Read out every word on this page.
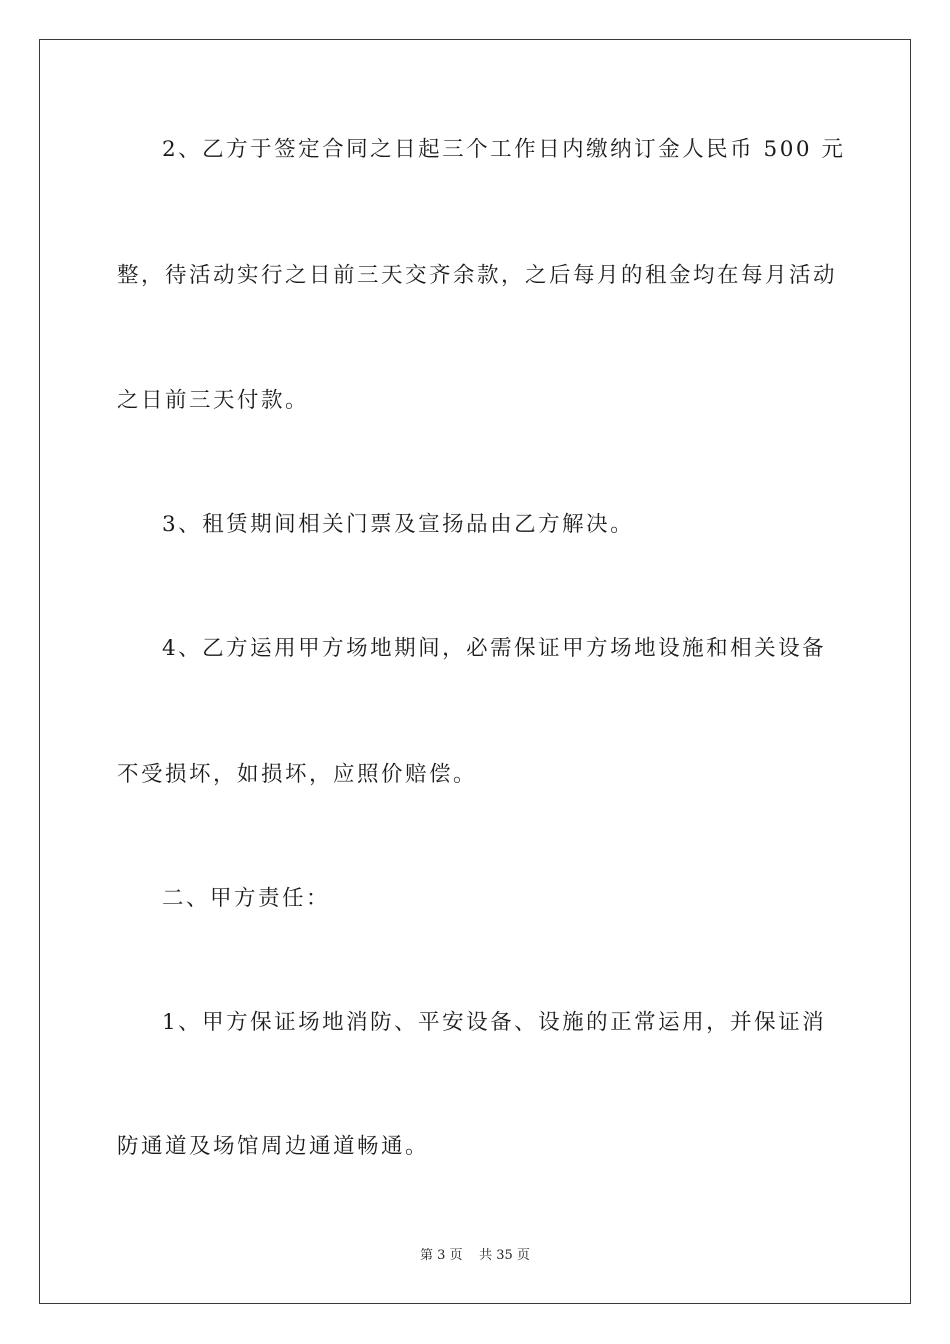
2、乙方于签定合同之日起三个工作日内缴纳订金人民币 500 元
整，待活动实行之日前三天交齐余款，之后每月的租金均在每月活动
之日前三天付款。
3、租赁期间相关门票及宣扬品由乙方解决。
4、乙方运用甲方场地期间，必需保证甲方场地设施和相关设备
不受损坏，如损坏，应照价赔偿。
二、甲方责任：
1、甲方保证场地消防、平安设备、设施的正常运用，并保证消
防通道及场馆周边通道畅通。
第 3 页 共 35 页
